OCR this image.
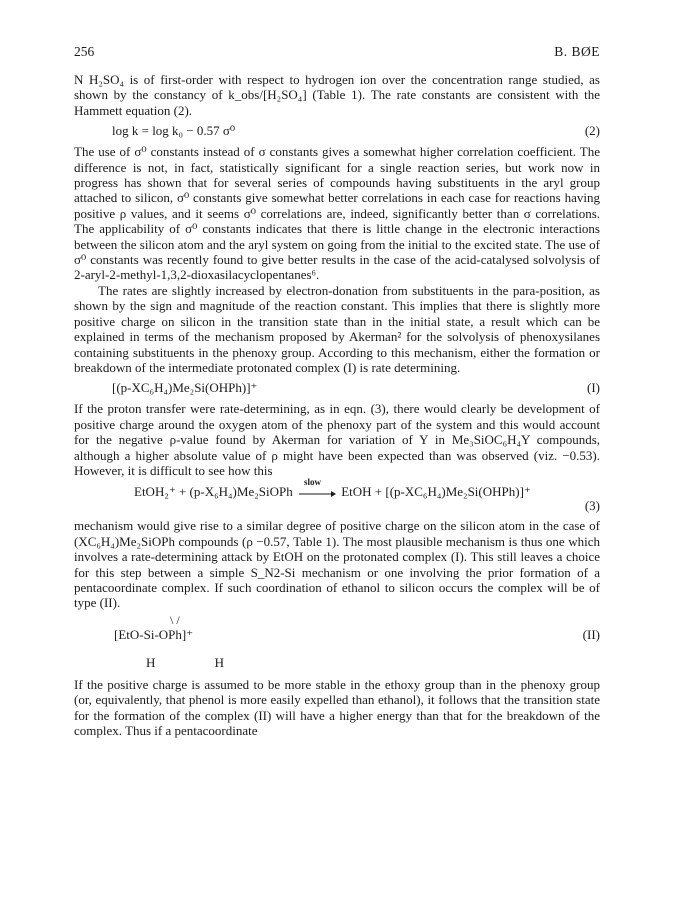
256	B. BØE

N H₂SO₄ is of first-order with respect to hydrogen ion over the concentration range studied, as shown by the constancy of k_obs/[H₂SO₄] (Table 1). The rate constants are consistent with the Hammett equation (2).

log k = log k₀ − 0.57 σ⁰	(2)

The use of σ⁰ constants instead of σ constants gives a somewhat higher correlation coefficient. The difference is not, in fact, statistically significant for a single reaction series, but work now in progress has shown that for several series of compounds having substituents in the aryl group attached to silicon, σ⁰ constants give somewhat better correlations in each case for reactions having positive ρ values, and it seems σ⁰ correlations are, indeed, significantly better than σ correlations. The applicability of σ⁰ constants indicates that there is little change in the electronic interactions between the silicon atom and the aryl system on going from the initial to the excited state. The use of σ⁰ constants was recently found to give better results in the case of the acid-catalysed solvolysis of 2-aryl-2-methyl-1,3,2-dioxasilacyclopentanes⁶.

The rates are slightly increased by electron-donation from substituents in the para-position, as shown by the sign and magnitude of the reaction constant. This implies that there is slightly more positive charge on silicon in the transition state than in the initial state, a result which can be explained in terms of the mechanism proposed by Akerman² for the solvolysis of phenoxysilanes containing substituents in the phenoxy group. According to this mechanism, either the formation or breakdown of the intermediate protonated complex (I) is rate determining.

[(p-XC₆H₄)Me₂Si(OHPh)]⁺	(I)

If the proton transfer were rate-determining, as in eqn. (3), there would clearly be development of positive charge around the oxygen atom of the phenoxy part of the system and this would account for the negative ρ-value found by Akerman for variation of Y in Me₃SiOC₆H₄Y compounds, although a higher absolute value of ρ might have been expected than was observed (viz. −0.53). However, it is difficult to see how this

EtOH₂⁺ + (p-X₆H₄)Me₂SiOPh
slow
EtOH + [(p-XC₆H₄)Me₂Si(OHPh)]⁺
(3)

mechanism would give rise to a similar degree of positive charge on the silicon atom in the case of (XC₆H₄)Me₂SiOPh compounds (ρ −0.57, Table 1). The most plausible mechanism is thus one which involves a rate-determining attack by EtOH on the protonated complex (I). This still leaves a choice for this step between a simple S_N2-Si mechanism or one involving the prior formation of a pentacoordinate complex. If such coordination of ethanol to silicon occurs the complex will be of type (II).

\ /
[EtO-Si-OPh]⁺
H H
(II)

If the positive charge is assumed to be more stable in the ethoxy group than in the phenoxy group (or, equivalently, that phenol is more easily expelled than ethanol), it follows that the transition state for the formation of the complex (II) will have a higher energy than that for the breakdown of the complex. Thus if a pentacoordinate
